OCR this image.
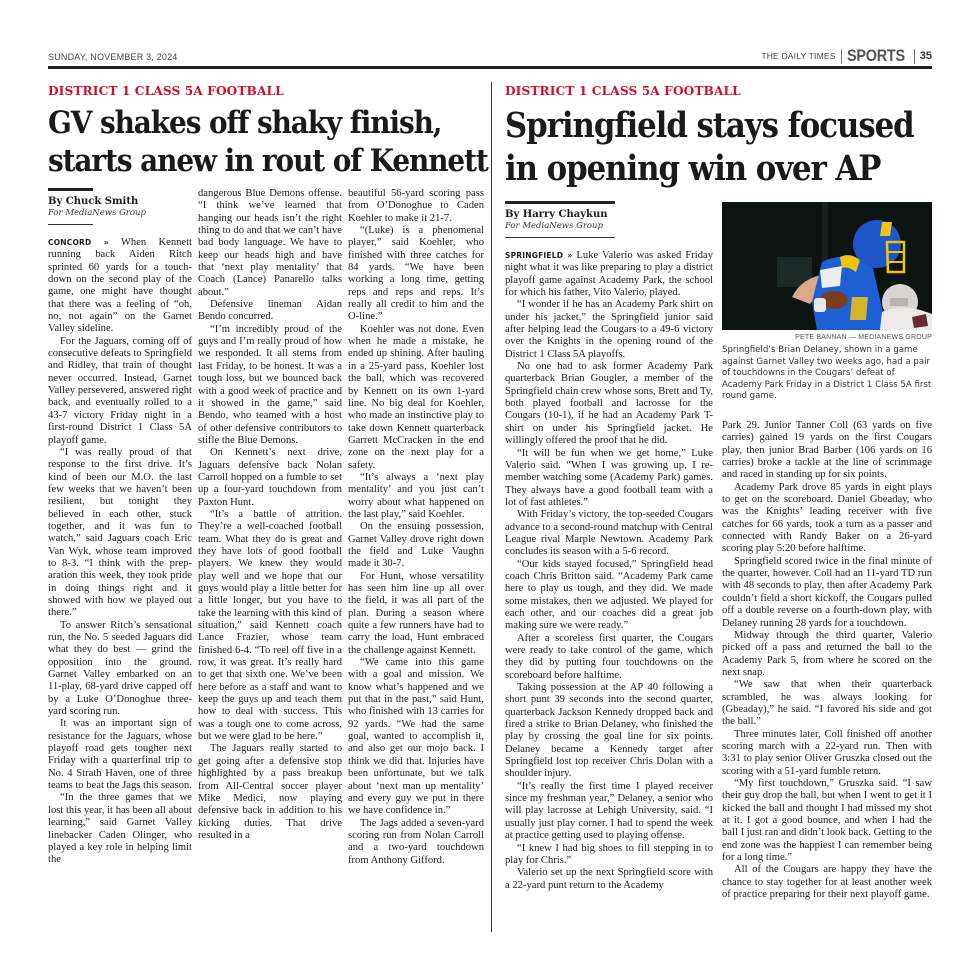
SUNDAY, NOVEMBER 3, 2024	THE DAILY TIMES SPORTS 35
DISTRICT 1 CLASS 5A FOOTBALL
GV shakes off shaky finish,
starts anew in rout of Kennett
By Chuck Smith
For MediaNews Group

CONCORD » When Kennett running back Aiden Ritch sprinted 60 yards for a touchdown on the second play of the game, one might have thought that there was a feeling of “oh, no, not again” on the Garnet Valley sideline.

For the Jaguars, coming off of consecutive defeats to Springfield and Ridley, that train of thought never occurred. Instead, Garnet Valley persevered, answered right back, and eventually rolled to a 43-7 victory Friday night in a first-round District 1 Class 5A playoff game.

“I was really proud of that response to the first drive. It’s kind of been our M.O. the last few weeks that we haven’t been resilient, but tonight they believed in each other, stuck together, and it was fun to watch,” said Jaguars coach Eric Van Wyk, whose team improved to 8-3. “I think with the preparation this week, they took pride in doing things right and it showed with how we played out there.”

To answer Ritch’s sensational run, the No. 5 seeded Jaguars did what they do best — grind the opposition into the ground. Garnet Valley embarked on an 11-play, 68-yard drive capped off by a Luke O’Donoghue three-yard scoring run.

It was an important sign of resistance for the Jaguars, whose playoff road gets tougher next Friday with a quarterfinal trip to No. 4 Strath Haven, one of three teams to beat the Jags this season.

“In the three games that we lost this year, it has been all about learning,” said Garnet Valley linebacker Caden Olinger, who played a key role in helping limit the

dangerous Blue Demons offense. “I think we’ve learned that hanging our heads isn’t the right thing to do and that we can’t have bad body language. We have to keep our heads high and have that ‘next play mentality’ that Coach (Lance) Panarello talks about.”

Defensive lineman Aidan Bendo concurred.

“I’m incredibly proud of the guys and I’m really proud of how we responded. It all stems from last Friday, to be honest. It was a tough loss, but we bounced back with a good week of practice and it showed in the game,” said Bendo, who teamed with a host of other defensive contributors to stifle the Blue Demons.

On Kennett’s next drive, Jaguars defensive back Nolan Carroll hopped on a fumble to set up a four-yard touchdown from Paxton Hunt.

“It’s a battle of attrition. They’re a well-coached football team. What they do is great and they have lots of good football players. We knew they would play well and we hope that our guys would play a little better for a little longer, but you have to take the learning with this kind of situation,” said Kennett coach Lance Frazier, whose team finished 6-4. “To reel off five in a row, it was great. It’s really hard to get that sixth one. We’ve been here before as a staff and want to keep the guys up and teach them how to deal with success. This was a tough one to come across, but we were glad to be here.”

The Jaguars really started to get going after a defensive stop highlighted by a pass breakup from All-Central soccer player Mike Medici, now playing defensive back in addition to his kicking duties. That drive resulted in a

beautiful 56-yard scoring pass from O’Donoghue to Caden Koehler to make it 21-7.

“(Luke) is a phenomenal player,” said Koehler, who finished with three catches for 84 yards. “We have been working a long time, getting reps and reps and reps. It’s really all credit to him and the O-line.”

Koehler was not done. Even when he made a mistake, he ended up shining. After hauling in a 25-yard pass, Koehler lost the ball, which was recovered by Kennett on its own 1-yard line. No big deal for Koehler, who made an instinctive play to take down Kennett quarterback Garrett McCracken in the end zone on the next play for a safety.

“It’s always a ‘next play mentality’ and you just can’t worry about what happened on the last play,” said Koehler.

On the ensuing possession, Garnet Valley drove right down the field and Luke Vaughn made it 30-7.

For Hunt, whose versatility has seen him line up all over the field, it was all part of the plan. During a season where quite a few runners have had to carry the load, Hunt embraced the challenge against Kennett.

“We came into this game with a goal and mission. We know what’s happened and we put that in the past,” said Hunt, who finished with 13 carries for 92 yards. “We had the same goal, wanted to accomplish it, and also get our mojo back. I think we did that. Injuries have been unfortunate, but we talk about ‘next man up mentality’ and every guy we put in there we have confidence in.”

The Jags added a seven-yard scoring run from Nolan Carroll and a two-yard touchdown from Anthony Gifford.

DISTRICT 1 CLASS 5A FOOTBALL
Springfield stays focused
in opening win over AP
By Harry Chaykun
For MediaNews Group

SPRINGFIELD » Luke Valerio was asked Friday night what it was like preparing to play a district playoff game against Academy Park, the school for which his father, Vito Valerio, played.

“I wonder if he has an Academy Park shirt on under his jacket,” the Springfield junior said after helping lead the Cougars to a 49-6 victory over the Knights in the opening round of the District 1 Class 5A playoffs.

No one had to ask former Academy Park quarterback Brian Gougler, a member of the Springfield chain crew whose sons, Brett and Ty, both played football and lacrosse for the Cougars (10-1), if he had an Academy Park T-shirt on under his Springfield jacket. He willingly offered the proof that he did.

“It will be fun when we get home,” Luke Valerio said. “When I was growing up, I remember watching some (Academy Park) games. They always have a good football team with a lot of fast athletes.”

With Friday’s victory, the top-seeded Cougars advance to a second-round matchup with Central League rival Marple Newtown. Academy Park concludes its season with a 5-6 record.

“Our kids stayed focused,” Springfield head coach Chris Britton said. “Academy Park came here to play us tough, and they did. We made some mistakes, then we adjusted. We played for each other, and our coaches did a great job making sure we were ready.”

After a scoreless first quarter, the Cougars were ready to take control of the game, which they did by putting four touchdowns on the scoreboard before halftime.

Taking possession at the AP 40 following a short punt 39 seconds into the second quarter, quarterback Jackson Kennedy dropped back and fired a strike to Brian Delaney, who finished the play by crossing the goal line for six points. Delaney became a Kennedy target after Springfield lost top receiver Chris Dolan with a shoulder injury.

“It’s really the first time I played receiver since my freshman year,” Delaney, a senior who will play lacrosse at Lehigh University, said. “I usually just play corner. I had to spend the week at practice getting used to playing offense.

“I knew I had big shoes to fill stepping in to play for Chris.”

Valerio set up the next Springfield score with a 22-yard punt return to the Academy

PETE BANNAN — MEDIANEWS GROUP
Springfield’s Brian Delaney, shown in a game against Garnet Valley two weeks ago, had a pair of touchdowns in the Cougars’ defeat of Academy Park Friday in a District 1 Class 5A first round game.

Park 29. Junior Tanner Coll (63 yards on five carries) gained 19 yards on the first Cougars play, then junior Brad Barber (106 yards on 16 carries) broke a tackle at the line of scrimmage and raced in standing up for six points.

Academy Park drove 85 yards in eight plays to get on the scoreboard. Daniel Gbeaday, who was the Knights’ leading receiver with five catches for 66 yards, took a turn as a passer and connected with Randy Baker on a 26-yard scoring play 5:20 before halftime.

Springfield scored twice in the final minute of the quarter, however. Coll had an 11-yard TD run with 48 seconds to play, then after Academy Park couldn’t field a short kickoff, the Cougars pulled off a double reverse on a fourth-down play, with Delaney running 28 yards for a touchdown.

Midway through the third quarter, Valerio picked off a pass and returned the ball to the Academy Park 5, from where he scored on the next snap.

“We saw that when their quarterback scrambled, he was always looking for (Gbeaday),” he said. “I favored his side and got the ball.”

Three minutes later, Coll finished off another scoring march with a 22-yard run. Then with 3:31 to play senior Oliver Gruszka closed out the scoring with a 51-yard fumble return.

“My first touchdown,” Gruszka said. “I saw their guy drop the ball, but when I went to get it I kicked the ball and thought I had missed my shot at it. I got a good bounce, and when I had the ball I just ran and didn’t look back. Getting to the end zone was the happiest I can remember being for a long time.”

All of the Cougars are happy they have the chance to stay together for at least another week of practice preparing for their next playoff game.
